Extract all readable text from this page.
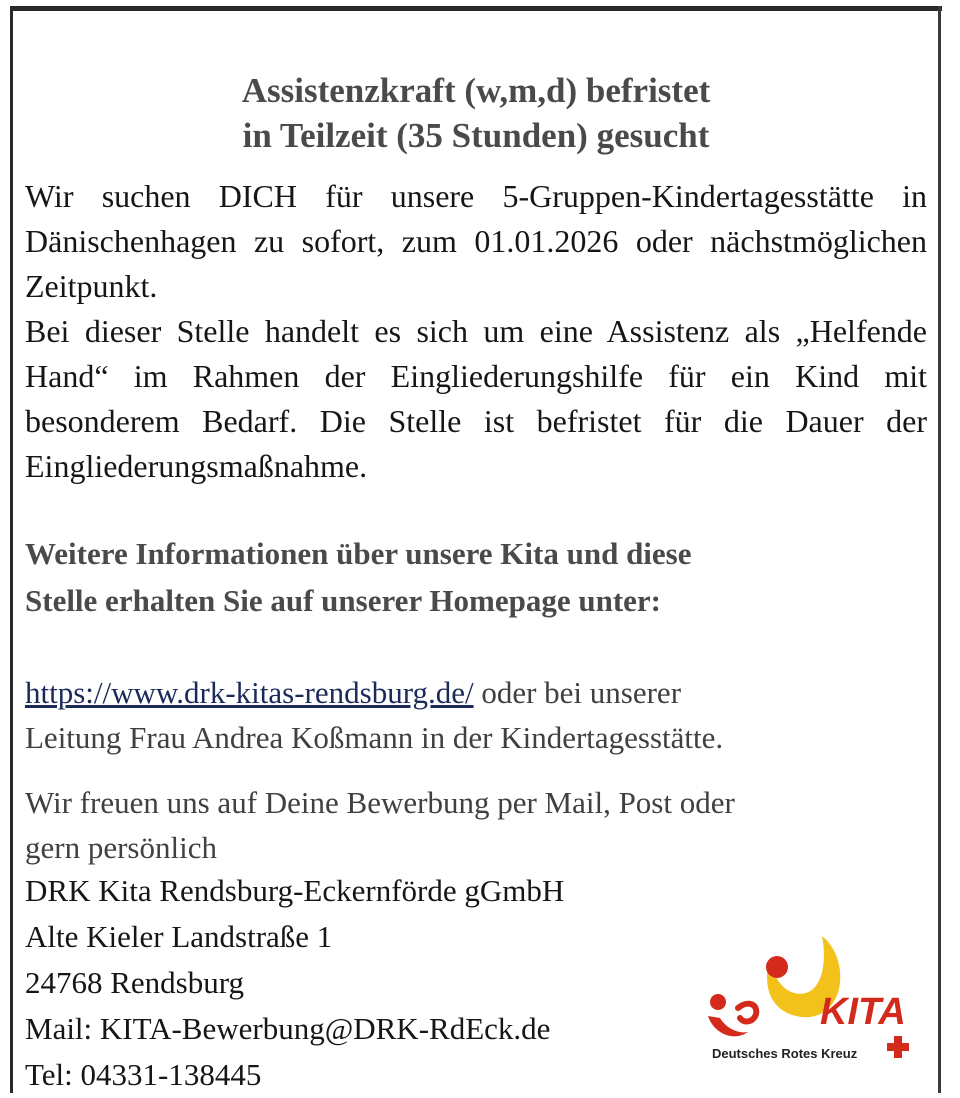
Assistenzkraft (w,m,d) befristet
in Teilzeit (35 Stunden) gesucht

Wir suchen DICH für unsere 5-Gruppen-Kindertagesstätte in Dänischenhagen zu sofort, zum 01.01.2026 oder nächstmöglichen Zeitpunkt.

Bei dieser Stelle handelt es sich um eine Assistenz als „Helfende Hand“ im Rahmen der Eingliederungshilfe für ein Kind mit besonderem Bedarf. Die Stelle ist befristet für die Dauer der Eingliederungsmaßnahme.

Weitere Informationen über unsere Kita und diese
Stelle erhalten Sie auf unserer Homepage unter:
https://www.drk-kitas-rendsburg.de/ oder bei unserer
Leitung Frau Andrea Koßmann in der Kindertagesstätte.
Wir freuen uns auf Deine Bewerbung per Mail, Post oder
gern persönlich
DRK Kita Rendsburg-Eckernförde gGmbH
Alte Kieler Landstraße 1
24768 Rendsburg
Mail: KITA-Bewerbung@DRK-RdEck.de
Tel: 04331-138445
KITA
Deutsches Rotes Kreuz
